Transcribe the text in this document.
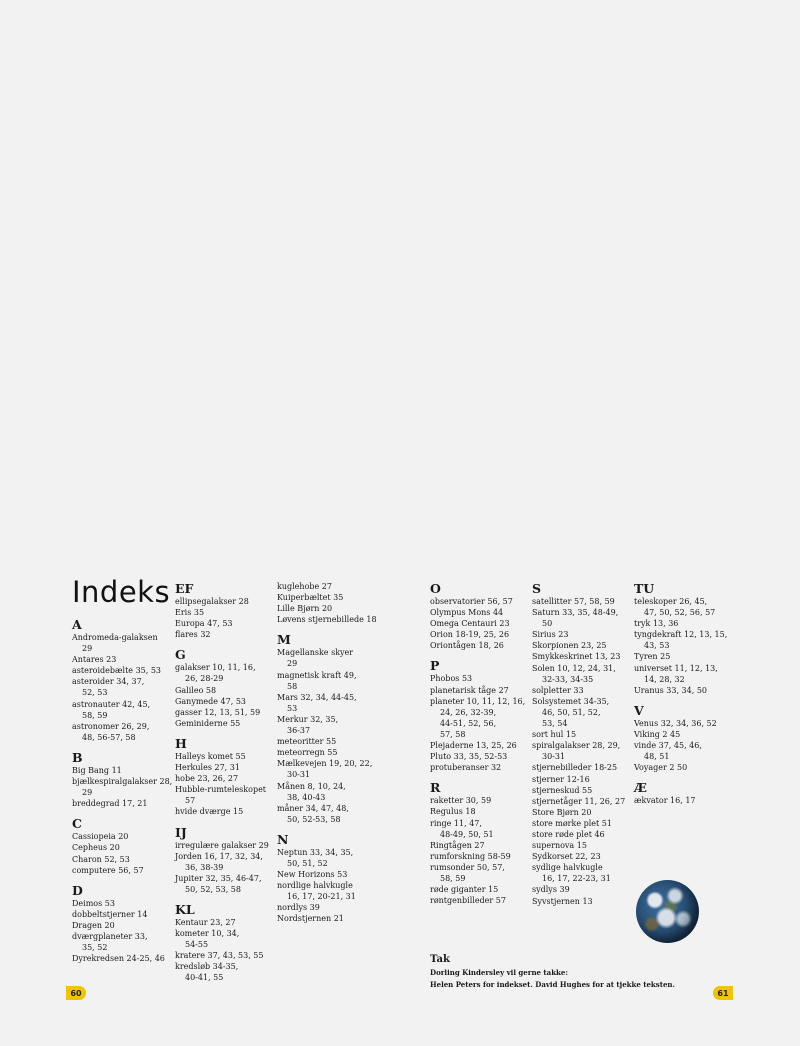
Indeks
A
Andromeda-galaksen
29
Antares 23
asteroidebælte 35, 53
asteroider 34, 37,
52, 53
astronauter 42, 45,
58, 59
astronomer 26, 29,
48, 56-57, 58
B
Big Bang 11
bjælkespiralgalakser 28,
29
breddegrad 17, 21
C
Cassiopeia 20
Cepheus 20
Charon 52, 53
computere 56, 57
D
Deimos 53
dobbeltstjerner 14
Dragen 20
dværgplaneter 33,
35, 52
Dyrekredsen 24-25, 46
EF
ellipsegalakser 28
Eris 35
Europa 47, 53
flares 32
G
galakser 10, 11, 16,
26, 28-29
Galileo 58
Ganymede 47, 53
gasser 12, 13, 51, 59
Geminiderne 55
H
Halleys komet 55
Herkules 27, 31
hobe 23, 26, 27
Hubble-rumteleskopet
57
hvide dværge 15
IJ
irregulære galakser 29
Jorden 16, 17, 32, 34,
36, 38-39
Jupiter 32, 35, 46-47,
50, 52, 53, 58
KL
Kentaur 23, 27
kometer 10, 34,
54-55
kratere 37, 43, 53, 55
kredsløb 34-35,
40-41, 55
kuglehobe 27
Kuiperbæltet 35
Lille Bjørn 20
Løvens stjernebillede 18
M
Magellanske skyer
29
magnetisk kraft 49,
58
Mars 32, 34, 44-45,
53
Merkur 32, 35,
36-37
meteoritter 55
meteorregn 55
Mælkevejen 19, 20, 22,
30-31
Månen 8, 10, 24,
38, 40-43
måner 34, 47, 48,
50, 52-53, 58
N
Neptun 33, 34, 35,
50, 51, 52
New Horizons 53
nordlige halvkugle
16, 17, 20-21, 31
nordlys 39
Nordstjernen 21
O
observatorier 56, 57
Olympus Mons 44
Omega Centauri 23
Orion 18-19, 25, 26
Oriontågen 18, 26
P
Phobos 53
planetarisk tåge 27
planeter 10, 11, 12, 16,
24, 26, 32-39,
44-51, 52, 56,
57, 58
Plejaderne 13, 25, 26
Pluto 33, 35, 52-53
protuberanser 32
R
raketter 30, 59
Regulus 18
ringe 11, 47,
48-49, 50, 51
Ringtågen 27
rumforskning 58-59
rumsonder 50, 57,
58, 59
røde giganter 15
røntgenbilleder 57
S
satellitter 57, 58, 59
Saturn 33, 35, 48-49,
50
Sirius 23
Skorpionen 23, 25
Smykkeskrinet 13, 23
Solen 10, 12, 24, 31,
32-33, 34-35
solpletter 33
Solsystemet 34-35,
46, 50, 51, 52,
53, 54
sort hul 15
spiralgalakser 28, 29,
30-31
stjernebilleder 18-25
stjerner 12-16
stjerneskud 55
stjernetåger 11, 26, 27
Store Bjørn 20
store mørke plet 51
store røde plet 46
supernova 15
Sydkorset 22, 23
sydlige halvkugle
16, 17, 22-23, 31
sydlys 39
Syvstjernen 13
TU
teleskoper 26, 45,
47, 50, 52, 56, 57
tryk 13, 36
tyngdekraft 12, 13, 15,
43, 53
Tyren 25
universet 11, 12, 13,
14, 28, 32
Uranus 33, 34, 50
V
Venus 32, 34, 36, 52
Viking 2 45
vinde 37, 45, 46,
48, 51
Voyager 2 50
Æ
ækvator 16, 17
Tak
Dorling Kindersley vil gerne takke:
Helen Peters for indekset. David Hughes for at tjekke teksten.
60	61
